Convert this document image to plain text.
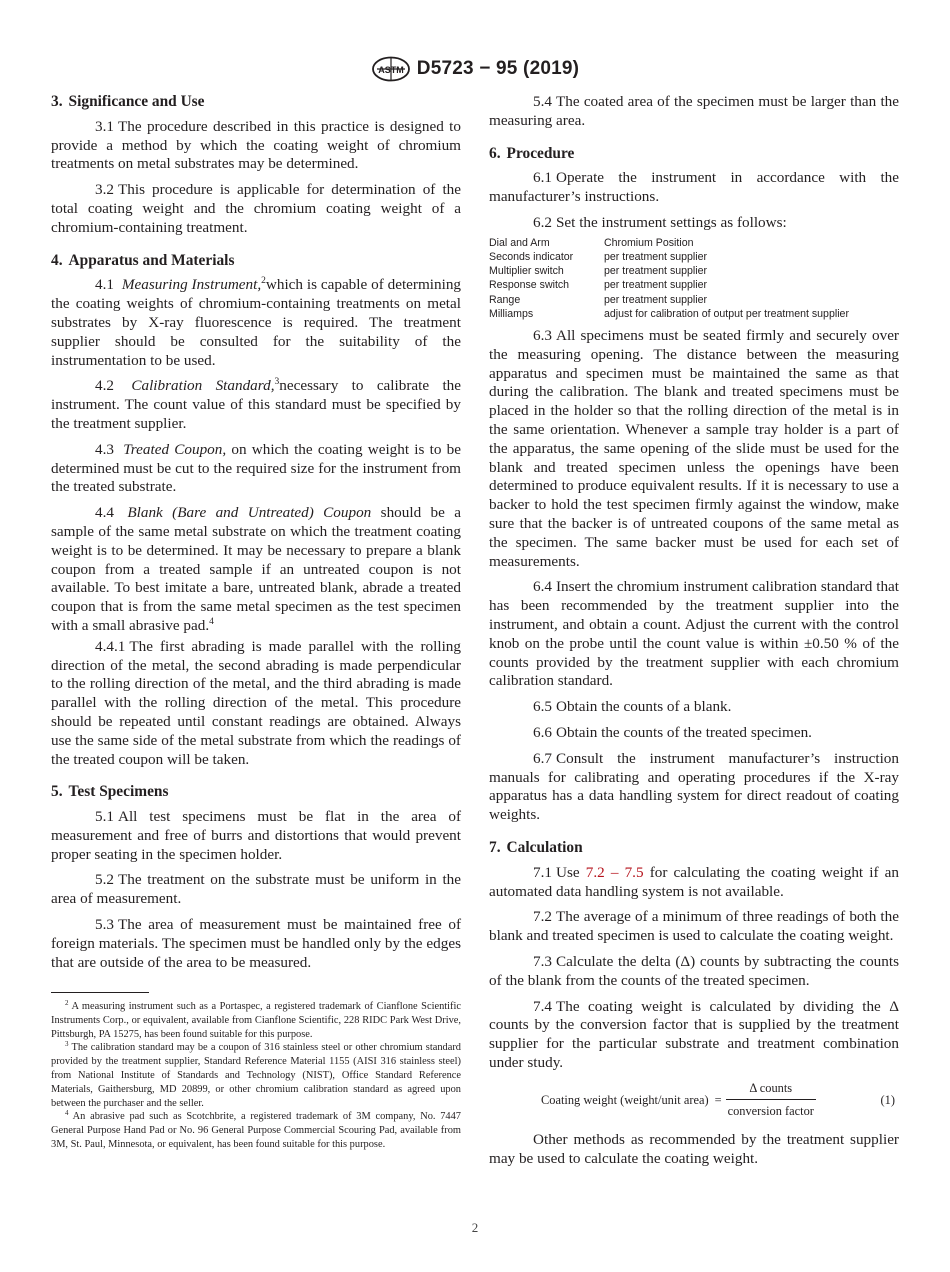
ASTM D5723 − 95 (2019)
3. Significance and Use

3.1 The procedure described in this practice is designed to provide a method by which the coating weight of chromium treatments on metal substrates may be determined.

3.2 This procedure is applicable for determination of the total coating weight and the chromium coating weight of a chromium-containing treatment.

4. Apparatus and Materials

4.1 Measuring Instrument,$^2$which is capable of determining the coating weights of chromium-containing treatments on metal substrates by X-ray fluorescence is required. The treatment supplier should be consulted for the suitability of the instrumentation to be used.

4.2 Calibration Standard,$^3$necessary to calibrate the instrument. The count value of this standard must be specified by the treatment supplier.

4.3 Treated Coupon, on which the coating weight is to be determined must be cut to the required size for the instrument from the treated substrate.

4.4 Blank (Bare and Untreated) Coupon should be a sample of the same metal substrate on which the treatment coating weight is to be determined. It may be necessary to prepare a blank coupon from a treated sample if an untreated coupon is not available. To best imitate a bare, untreated blank, abrade a treated coupon that is from the same metal specimen as the test specimen with a small abrasive pad.$^4$

4.4.1 The first abrading is made parallel with the rolling direction of the metal, the second abrading is made perpendicular to the rolling direction of the metal, and the third abrading is made parallel with the rolling direction of the metal. This procedure should be repeated until constant readings are obtained. Always use the same side of the metal substrate from which the readings of the treated coupon will be taken.

5. Test Specimens

5.1 All test specimens must be flat in the area of measurement and free of burrs and distortions that would prevent proper seating in the specimen holder.

5.2 The treatment on the substrate must be uniform in the area of measurement.

5.3 The area of measurement must be maintained free of foreign materials. The specimen must be handled only by the edges that are outside of the area to be measured.

$^2$ A measuring instrument such as a Portaspec, a registered trademark of Cianflone Scientific Instruments Corp., or equivalent, available from Cianflone Scientific, 228 RIDC Park West Drive, Pittsburgh, PA 15275, has been found suitable for this purpose.

$^3$ The calibration standard may be a coupon of 316 stainless steel or other chromium standard provided by the treatment supplier, Standard Reference Material 1155 (AISI 316 stainless steel) from National Institute of Standards and Technology (NIST), Office Standard Reference Materials, Gaithersburg, MD 20899, or other chromium calibration standard as agreed upon between the purchaser and the seller.

$^4$ An abrasive pad such as Scotchbrite, a registered trademark of 3M company, No. 7447 General Purpose Hand Pad or No. 96 General Purpose Commercial Scouring Pad, available from 3M, St. Paul, Minnesota, or equivalent, has been found suitable for this purpose.

5.4 The coated area of the specimen must be larger than the measuring area.

6. Procedure

6.1 Operate the instrument in accordance with the manufacturer’s instructions.

6.2 Set the instrument settings as follows:

Dial and Arm	Chromium Position
Seconds indicator	per treatment supplier
Multiplier switch	per treatment supplier
Response switch	per treatment supplier
Range	per treatment supplier
Milliamps	adjust for calibration of output per treatment supplier

6.3 All specimens must be seated firmly and securely over the measuring opening. The distance between the measuring apparatus and specimen must be maintained the same as that during the calibration. The blank and treated specimens must be placed in the holder so that the rolling direction of the metal is in the same orientation. Whenever a sample tray holder is a part of the apparatus, the same opening of the slide must be used for the blank and treated specimen unless the openings have been determined to produce equivalent results. If it is necessary to use a backer to hold the test specimen firmly against the window, make sure that the backer is of untreated coupons of the same metal as the specimen. The same backer must be used for each set of measurements.

6.4 Insert the chromium instrument calibration standard that has been recommended by the treatment supplier into the instrument, and obtain a count. Adjust the current with the control knob on the probe until the count value is within ±0.50 % of the counts provided by the treatment supplier with each chromium calibration standard.

6.5 Obtain the counts of a blank.

6.6 Obtain the counts of the treated specimen.

6.7 Consult the instrument manufacturer’s instruction manuals for calibrating and operating procedures if the X-ray apparatus has a data handling system for direct readout of coating weights.

7. Calculation

7.1 Use 7.2 – 7.5 for calculating the coating weight if an automated data handling system is not available.

7.2 The average of a minimum of three readings of both the blank and treated specimen is used to calculate the coating weight.

7.3 Calculate the delta (Δ) counts by subtracting the counts of the blank from the counts of the treated specimen.

7.4 The coating weight is calculated by dividing the Δ counts by the conversion factor that is supplied by the treatment supplier for the particular substrate and treatment combination under study.

Coating weight (weight/unit area) = $\frac{\text{Δ counts}}{\text{conversion factor}}$	(1)

Other methods as recommended by the treatment supplier may be used to calculate the coating weight.

2
